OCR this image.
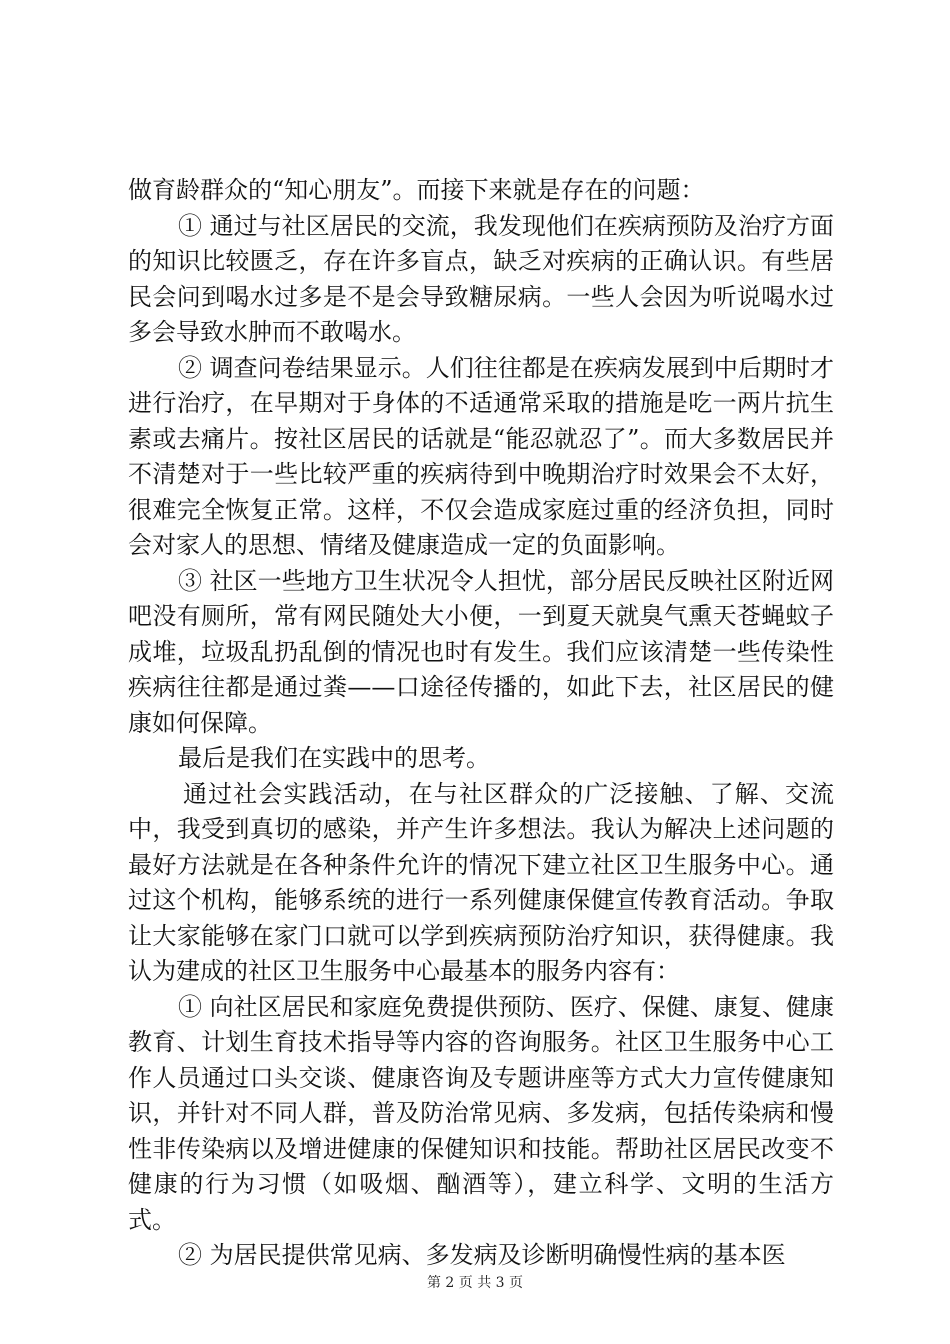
做育龄群众的“知心朋友”。而接下来就是存在的问题：

① 通过与社区居民的交流，我发现他们在疾病预防及治疗方面的知识比较匮乏，存在许多盲点，缺乏对疾病的正确认识。有些居民会问到喝水过多是不是会导致糖尿病。一些人会因为听说喝水过多会导致水肿而不敢喝水。

② 调查问卷结果显示。人们往往都是在疾病发展到中后期时才进行治疗，在早期对于身体的不适通常采取的措施是吃一两片抗生素或去痛片。按社区居民的话就是“能忍就忍了”。而大多数居民并不清楚对于一些比较严重的疾病待到中晚期治疗时效果会不太好，很难完全恢复正常。这样，不仅会造成家庭过重的经济负担，同时会对家人的思想、情绪及健康造成一定的负面影响。

③ 社区一些地方卫生状况令人担忧，部分居民反映社区附近网吧没有厕所，常有网民随处大小便，一到夏天就臭气熏天苍蝇蚊子成堆，垃圾乱扔乱倒的情况也时有发生。我们应该清楚一些传染性疾病往往都是通过粪——口途径传播的，如此下去，社区居民的健康如何保障。

最后是我们在实践中的思考。

通过社会实践活动，在与社区群众的广泛接触、了解、交流中，我受到真切的感染，并产生许多想法。我认为解决上述问题的最好方法就是在各种条件允许的情况下建立社区卫生服务中心。通过这个机构，能够系统的进行一系列健康保健宣传教育活动。争取让大家能够在家门口就可以学到疾病预防治疗知识，获得健康。我认为建成的社区卫生服务中心最基本的服务内容有：

① 向社区居民和家庭免费提供预防、医疗、保健、康复、健康教育、计划生育技术指导等内容的咨询服务。社区卫生服务中心工作人员通过口头交谈、健康咨询及专题讲座等方式大力宣传健康知识，并针对不同人群，普及防治常见病、多发病，包括传染病和慢性非传染病以及增进健康的保健知识和技能。帮助社区居民改变不健康的行为习惯（如吸烟、酗酒等），建立科学、文明的生活方式。

② 为居民提供常见病、多发病及诊断明确慢性病的基本医

第 2 页 共 3 页
